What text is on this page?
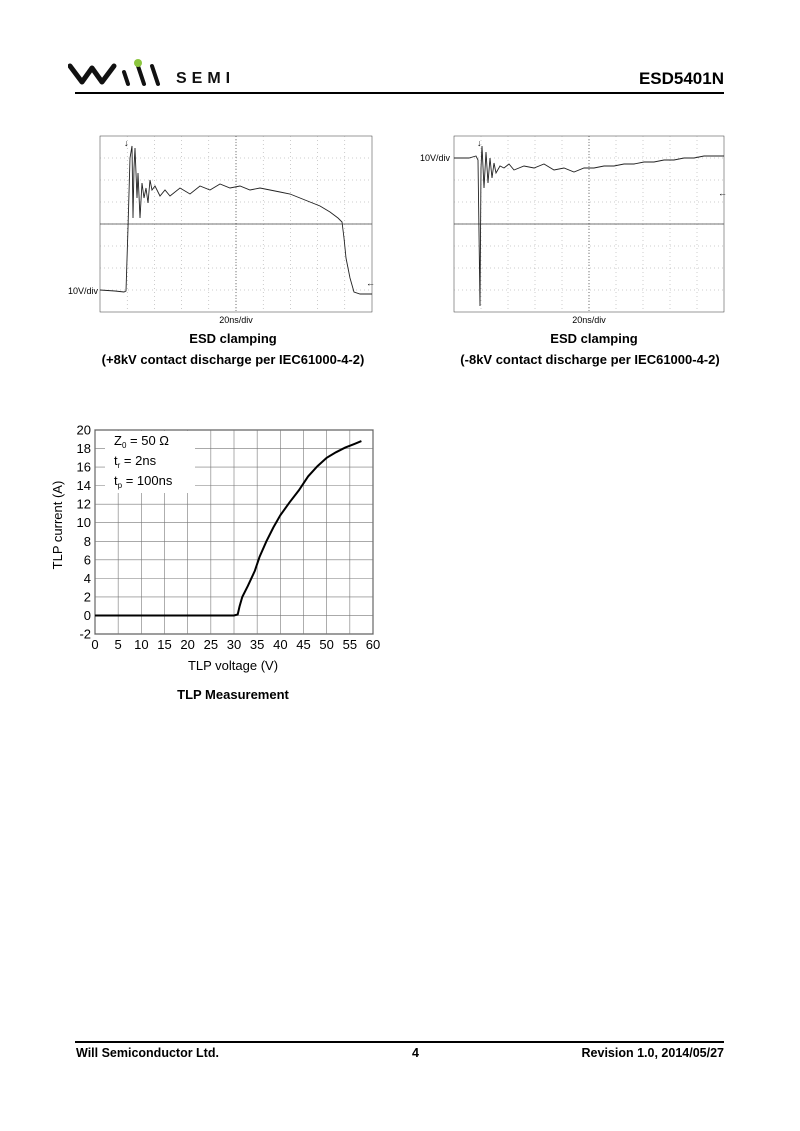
SEMI	ESD5401N
10V/div
20ns/div
↓
←
ESD clamping
(+8kV contact discharge per IEC61000-4-2)
10V/div
20ns/div
↓
←
ESD clamping
(-8kV contact discharge per IEC61000-4-2)
0 5 10 15 20 25 30 35 40 45 50 55 60
-2
0
2
4
6
8
10
12
14
16
18
20
$Z_0 = 50$ Ω
$t_r = 2ns$
$t_p = 100ns$
TLP voltage (V)
TLP current (A)
TLP Measurement
Will Semiconductor Ltd.	4	Revision 1.0, 2014/05/27
